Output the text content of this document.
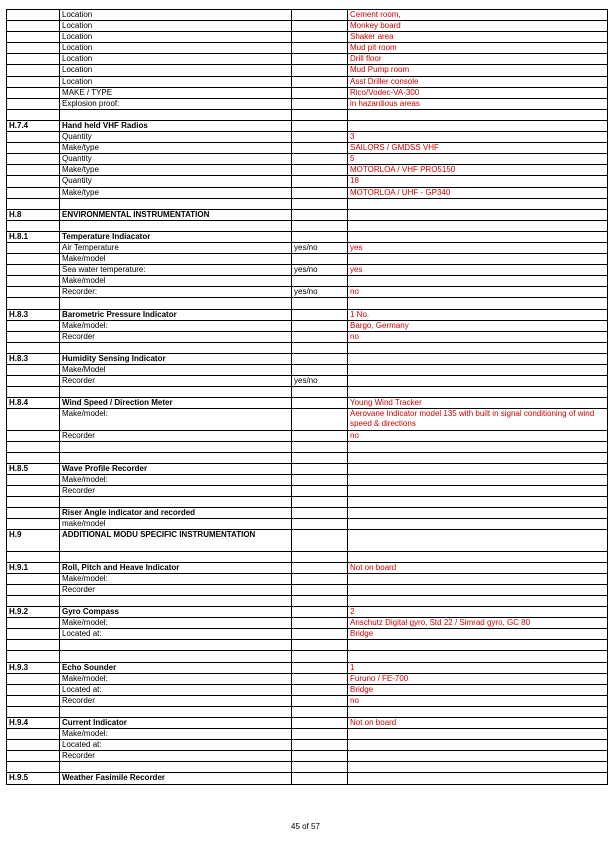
	Location		Cement room,
	Location		Monkey board
	Location		Shaker area
	Location		Mud pit room
	Location		Drill floor
	Location		Mud Pump room
	Location		Asst Driller console
	MAKE / TYPE		Rico/Vodec-VA-300
	Explosion proof:		in hazardious areas

H.7.4	Hand held VHF Radios		
	Quantity		3
	Make/type		SAILORS / GMDSS VHF
	Quantity		5
	Make/type		MOTORLOA / VHF PRO5150
	Quantity		18
	Make/type		MOTORLOA / UHF - GP340

H.8	ENVIRONMENTAL INSTRUMENTATION		

H.8.1	Temperature Indiacator		
	Air Temperature	yes/no	yes
	Make/model		
	Sea water temperature:	yes/no	yes
	Make/model		
	Recorder:	yes/no	no

H.8.3	Barometric Pressure Indicator		1 No.
	Make/model:		Bargo, Germany
	Recorder		no

H.8.3	Humidity Sensing Indicator		
	Make/Model		
	Recorder	yes/no	

H.8.4	Wind Speed / Direction Meter		Young Wind Tracker
	Make/model:		Aerovane Indicator model 135 with built in signal conditioning of wind speed & directions
	Recorder		no

H.8.5	Wave Profile Recorder		
	Make/model:		
	Recorder		

	Riser Angle indicator and recorded		
	make/model		
H.9	ADDITIONAL MODU SPECIFIC INSTRUMENTATION		

H.9.1	Roll, Pitch and Heave Indicator		Not on board
	Make/model:		
	Recorder		

H.9.2	Gyro Compass		2
	Make/model:		Anschutz Digital gyro, Std 22 / Simrad gyro, GC 80
	Located at:		Bridge

H.9.3	Echo Sounder		1
	Make/model:		Furuno / FE-700
	Located at:		Bridge
	Recorder		no

H.9.4	Current Indicator		Not on board
	Make/model:		
	Located at:		
	Recorder		

H.9.5	Weather Fasimile Recorder		
45 of 57
